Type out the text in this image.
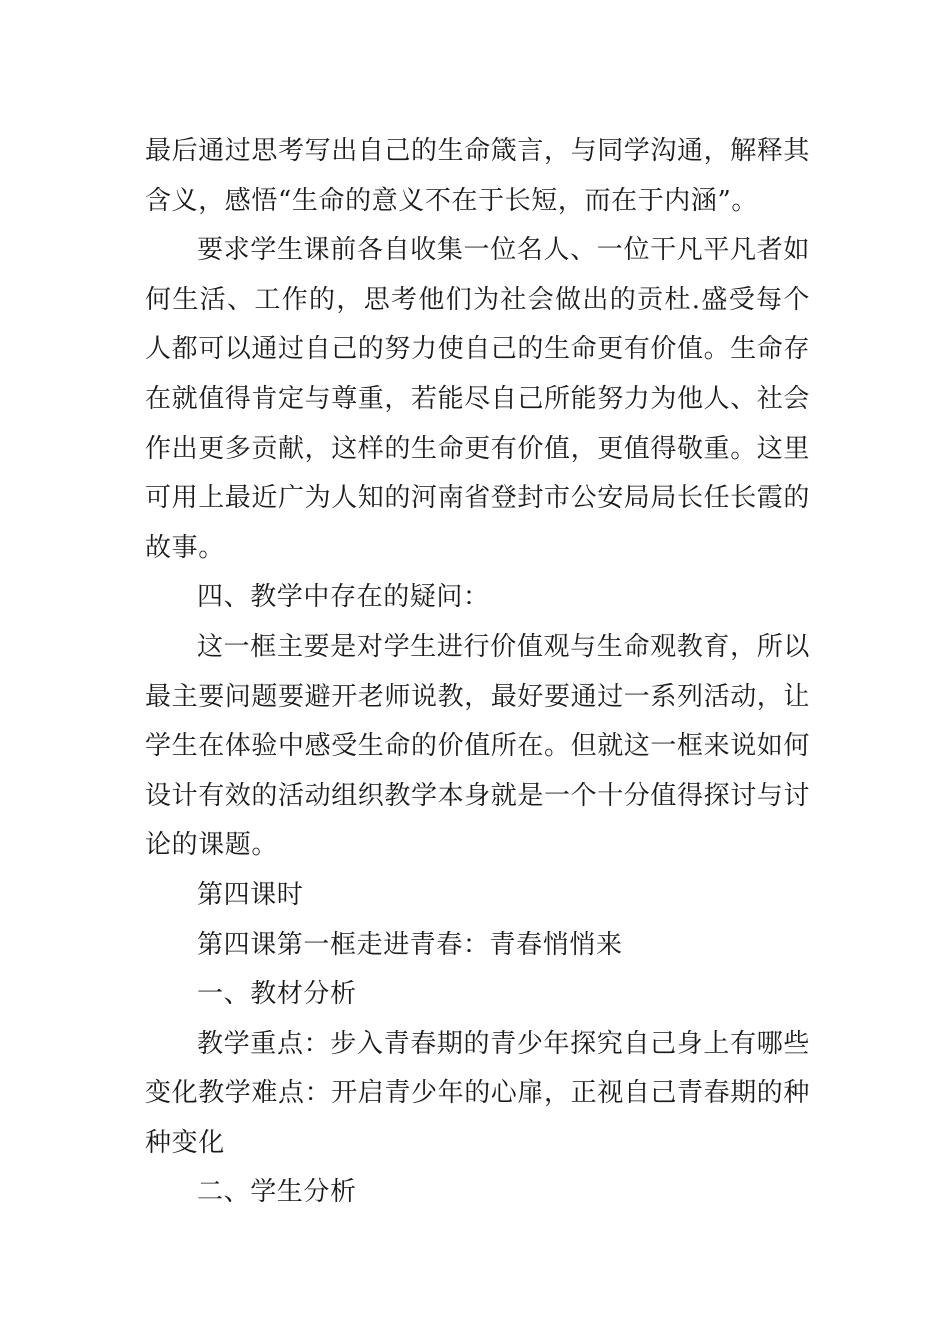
最后通过思考写出自己的生命箴言，与同学沟通，解释其含义，感悟“生命的意义不在于长短，而在于内涵”。

要求学生课前各自收集一位名人、一位干凡平凡者如何生活、工作的，思考他们为社会做出的贡杜.盛受每个人都可以通过自己的努力使自己的生命更有价值。生命存在就值得肯定与尊重，若能尽自己所能努力为他人、社会作出更多贡献，这样的生命更有价值，更值得敬重。这里可用上最近广为人知的河南省登封市公安局局长任长霞的故事。

四、教学中存在的疑问：

这一框主要是对学生进行价值观与生命观教育，所以最主要问题要避开老师说教，最好要通过一系列活动，让学生在体验中感受生命的价值所在。但就这一框来说如何设计有效的活动组织教学本身就是一个十分值得探讨与讨论的课题。

第四课时

第四课第一框走进青春：青春悄悄来

一、教材分析

教学重点：步入青春期的青少年探究自己身上有哪些变化教学难点：开启青少年的心扉，正视自己青春期的种种变化

二、学生分析
